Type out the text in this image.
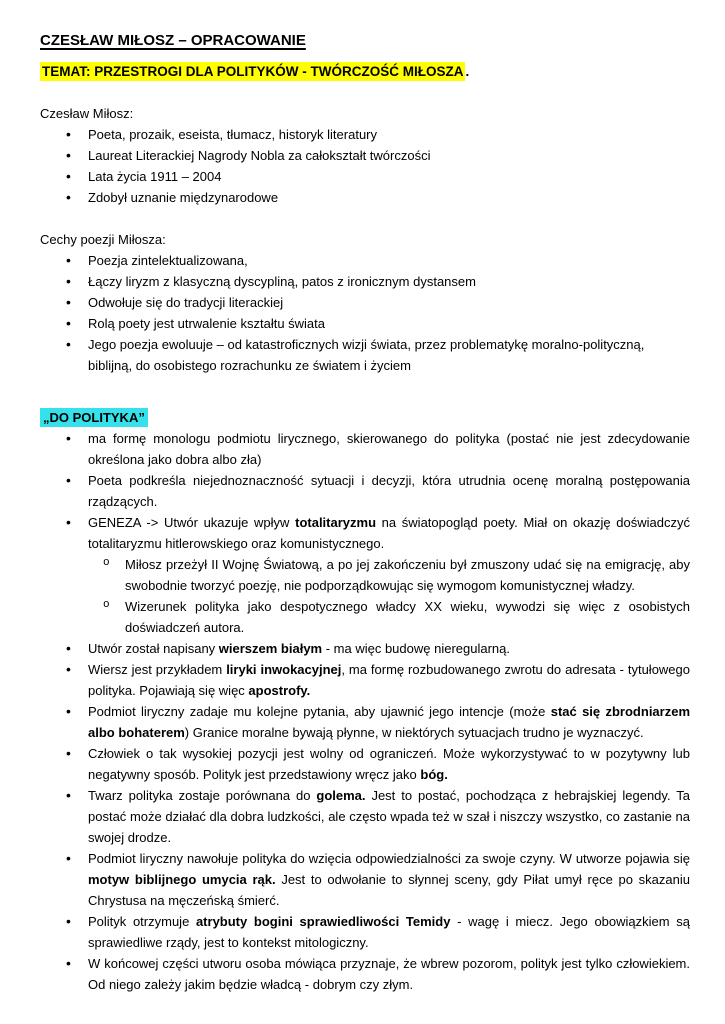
CZESŁAW MIŁOSZ – OPRACOWANIE

TEMAT: PRZESTROGI DLA POLITYKÓW - TWÓRCZOŚĆ MIŁOSZA .

Czesław Miłosz:

• Poeta, prozaik, eseista, tłumacz, historyk literatury
• Laureat Literackiej Nagrody Nobla za całokształt twórczości
• Lata życia 1911 – 2004
• Zdobył uznanie międzynarodowe

Cechy poezji Miłosza:

• Poezja zintelektualizowana,
• Łączy liryzm z klasyczną dyscypliną, patos z ironicznym dystansem
• Odwołuje się do tradycji literackiej
• Rolą poety jest utrwalenie kształtu świata
• Jego poezja ewoluuje – od katastroficznych wizji świata, przez problematykę moralno-polityczną, biblijną, do osobistego rozrachunku ze światem i życiem

„DO POLITYKA”

• ma formę monologu podmiotu lirycznego, skierowanego do polityka (postać nie jest zdecydowanie określona jako dobra albo zła)
• Poeta podkreśla niejednoznaczność sytuacji i decyzji, która utrudnia ocenę moralną postępowania rządzących.
• GENEZA -> Utwór ukazuje wpływ totalitaryzmu na światopogląd poety. Miał on okazję doświadczyć totalitaryzmu hitlerowskiego oraz komunistycznego.
o Miłosz przeżył II Wojnę Światową, a po jej zakończeniu był zmuszony udać się na emigrację, aby swobodnie tworzyć poezję, nie podporządkowując się wymogom komunistycznej władzy.
o Wizerunek polityka jako despotycznego władcy XX wieku, wywodzi się więc z osobistych doświadczeń autora.
• Utwór został napisany wierszem białym - ma więc budowę nieregularną.
• Wiersz jest przykładem liryki inwokacyjnej, ma formę rozbudowanego zwrotu do adresata - tytułowego polityka. Pojawiają się więc apostrofy.
• Podmiot liryczny zadaje mu kolejne pytania, aby ujawnić jego intencje (może stać się zbrodniarzem albo bohaterem) Granice moralne bywają płynne, w niektórych sytuacjach trudno je wyznaczyć.
• Człowiek o tak wysokiej pozycji jest wolny od ograniczeń. Może wykorzystywać to w pozytywny lub negatywny sposób. Polityk jest przedstawiony wręcz jako bóg.
• Twarz polityka zostaje porównana do golema. Jest to postać, pochodząca z hebrajskiej legendy. Ta postać może działać dla dobra ludzkości, ale często wpada też w szał i niszczy wszystko, co zastanie na swojej drodze.
• Podmiot liryczny nawołuje polityka do wzięcia odpowiedzialności za swoje czyny. W utworze pojawia się motyw biblijnego umycia rąk. Jest to odwołanie to słynnej sceny, gdy Piłat umył ręce po skazaniu Chrystusa na męczeńską śmierć.
• Polityk otrzymuje atrybuty bogini sprawiedliwości Temidy - wagę i miecz. Jego obowiązkiem są sprawiedliwe rządy, jest to kontekst mitologiczny.
• W końcowej części utworu osoba mówiąca przyznaje, że wbrew pozorom, polityk jest tylko człowiekiem. Od niego zależy jakim będzie władcą - dobrym czy złym.
